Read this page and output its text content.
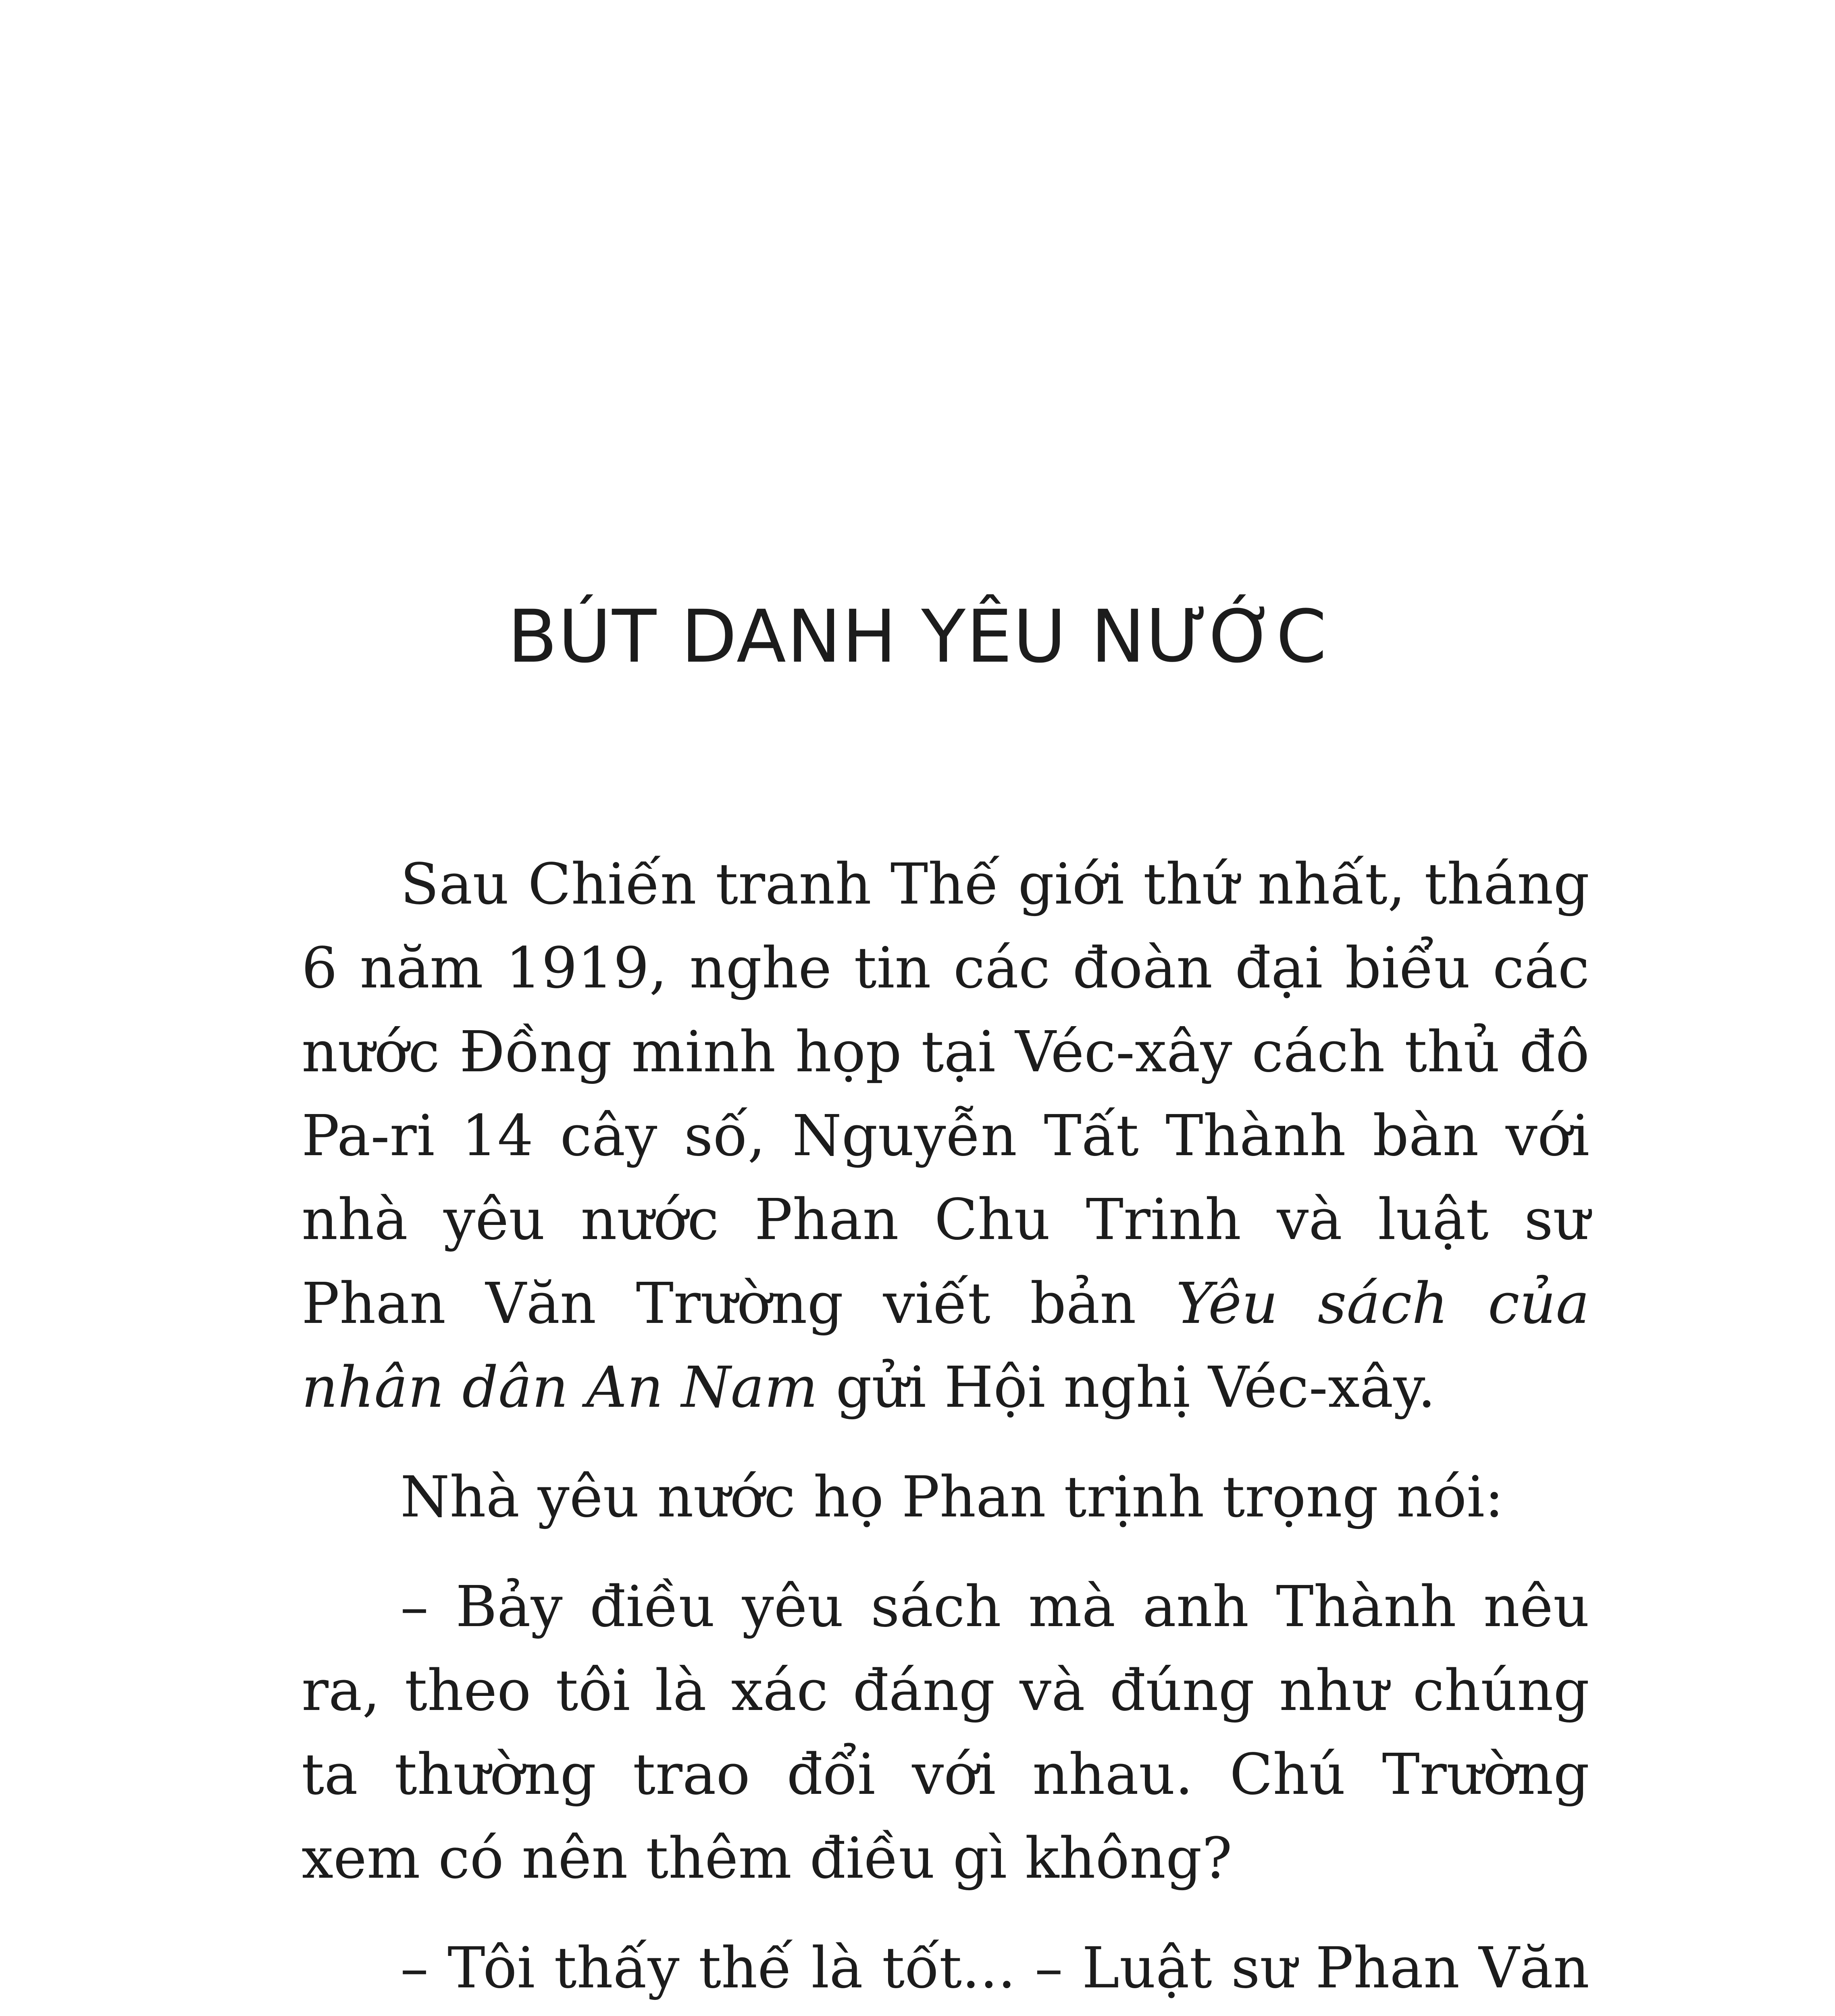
BÚT DANH YÊU NƯỚC

Sau Chiến tranh Thế giới thứ nhất, tháng 6 năm 1919, nghe tin các đoàn đại biểu các nước Đồng minh họp tại Véc-xây cách thủ đô Pa-ri 14 cây số, Nguyễn Tất Thành bàn với nhà yêu nước Phan Chu Trinh và luật sư Phan Văn Trường viết bản Yêu sách của nhân dân An Nam gửi Hội nghị Véc-xây.

Nhà yêu nước họ Phan trịnh trọng nói:

– Bảy điều yêu sách mà anh Thành nêu ra, theo tôi là xác đáng và đúng như chúng ta thường trao đổi với nhau. Chú Trường xem có nên thêm điều gì không?

– Tôi thấy thế là tốt... – Luật sư Phan Văn
